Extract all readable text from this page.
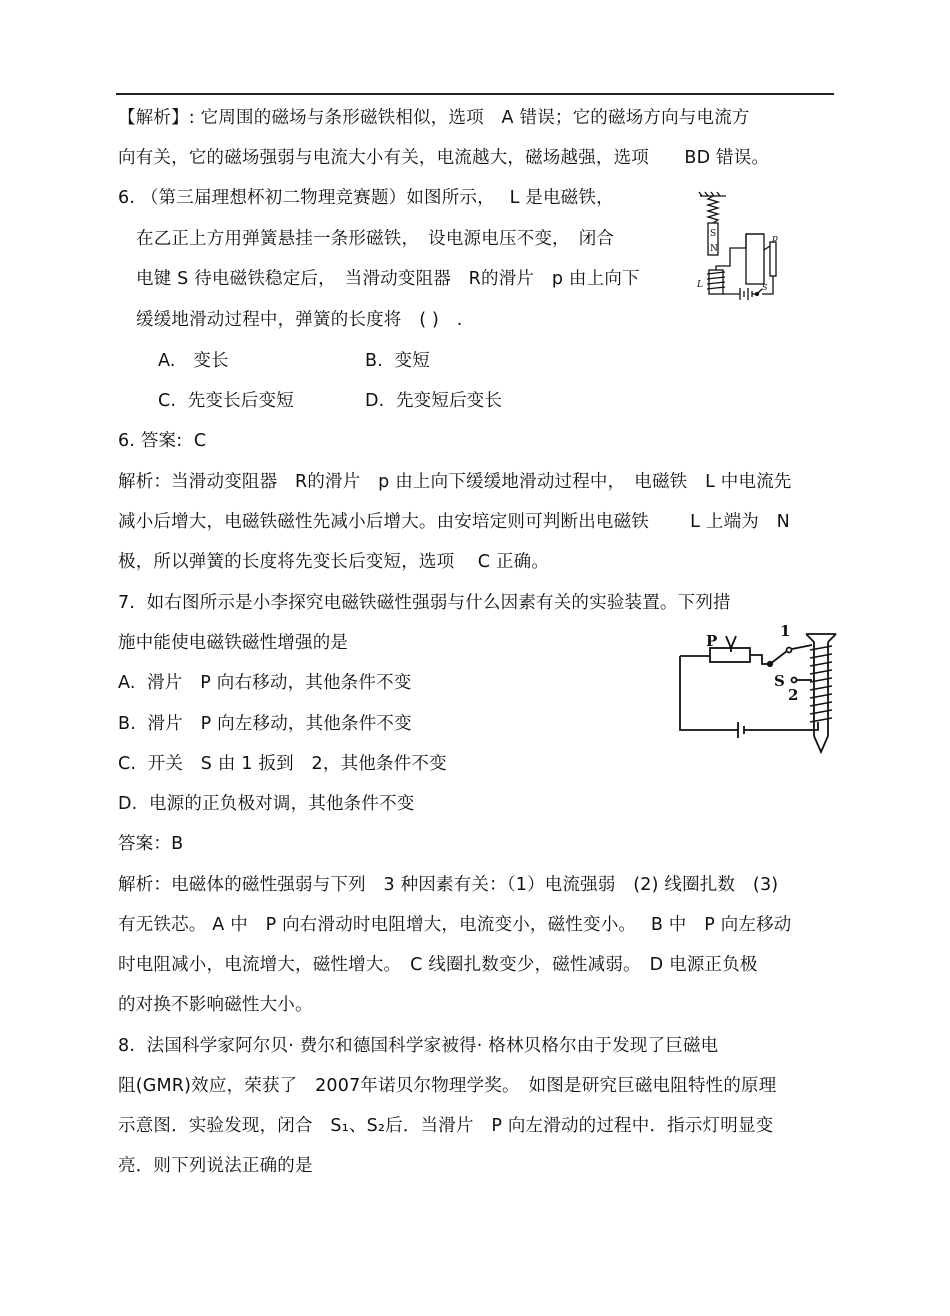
【解析】: 它周围的磁场与条形磁铁相似，选项　A 错误；它的磁场方向与电流方
向有关，它的磁场强弱与电流大小有关，电流越大，磁场越强，选项　　BD 错误。
6. （第三届理想杯初二物理竞赛题）如图所示，　 L 是电磁铁，
在乙正上方用弹簧悬挂一条形磁铁，　设电源电压不变，　闭合
电键 S 待电磁铁稳定后，　当滑动变阻器　R的滑片　p 由上向下
缓缓地滑动过程中，弹簧的长度将　( )　.
A.　变长	B.  变短
C.  先变长后变短	D.  先变短后变长
6. 答案:  C
解析：当滑动变阻器　R的滑片　p 由上向下缓缓地滑动过程中，　电磁铁　L 中电流先
减小后增大，电磁铁磁性先减小后增大。由安培定则可判断出电磁铁　　 L 上端为　N
极，所以弹簧的长度将先变长后变短，选项　 C 正确。
7.  如右图所示是小李探究电磁铁磁性强弱与什么因素有关的实验装置。下列措
施中能使电磁铁磁性增强的是
A.  滑片　P 向右移动，其他条件不变
B.  滑片　P 向左移动，其他条件不变
C.  开关　S 由 1 扳到　2，其他条件不变
D.  电源的正负极对调，其他条件不变
答案：B
解析：电磁体的磁性强弱与下列　3 种因素有关：（1）电流强弱　(2) 线圈扎数　(3)
有无铁芯。 A 中　P 向右滑动时电阻增大，电流变小，磁性变小。　 B 中　P 向左移动
时电阻减小，电流增大，磁性增大。　C 线圈扎数变少，磁性减弱。　D 电源正负极
的对换不影响磁性大小。
8.  法国科学家阿尔贝· 费尔和德国科学家被得· 格林贝格尔由于发现了巨磁电
阻(GMR)效应，荣获了　2007年诺贝尔物理学奖。　如图是研究巨磁电阻特性的原理
示意图．实验发现，闭合　S₁、S₂后．当滑片　P 向左滑动的过程中．指示灯明显变
亮．则下列说法正确的是
S
N
L
p
S
P
1
S
2
